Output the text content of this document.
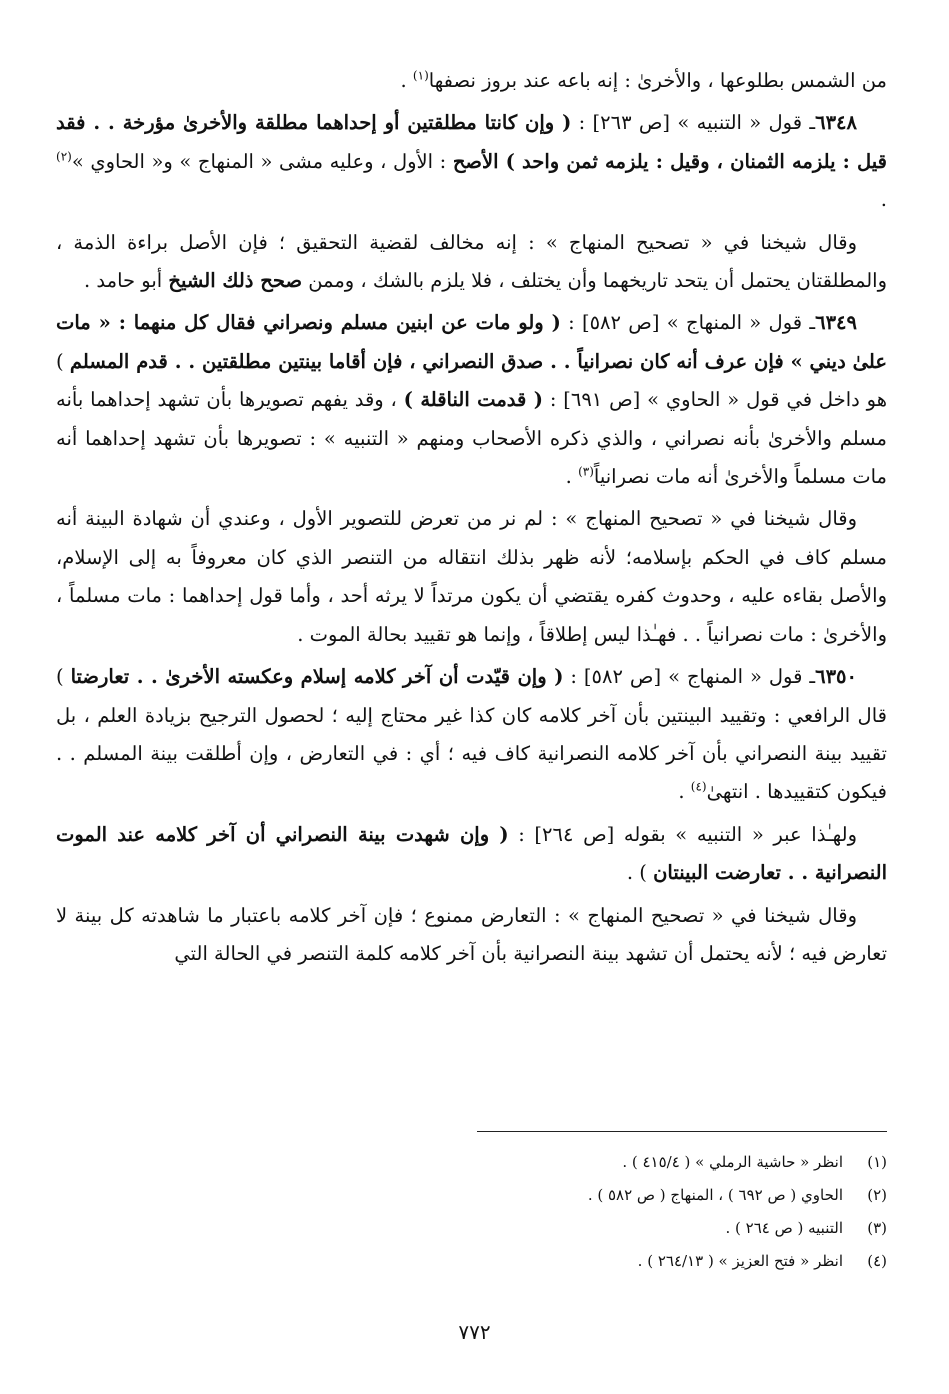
من الشمس بطلوعها ، والأخرىٰ : إنه باعه عند بروز نصفها$^{(١)}$ .

٦٣٤٨ـ قول « التنبيه » [ص ٢٦٣] : ( وإن كانتا مطلقتين أو إحداهما مطلقة والأخرىٰ مؤرخة . . فقد قيل : يلزمه الثمنان ، وقيل : يلزمه ثمن واحد ) الأصح : الأول ، وعليه مشى « المنهاج » و« الحاوي »$^{(٢)}$ .

وقال شيخنا في « تصحيح المنهاج » : إنه مخالف لقضية التحقيق ؛ فإن الأصل براءة الذمة ، والمطلقتان يحتمل أن يتحد تاريخهما وأن يختلف ، فلا يلزم بالشك ، وممن صحح ذلك الشيخ أبو حامد .

٦٣٤٩ـ قول « المنهاج » [ص ٥٨٢] : ( ولو مات عن ابنين مسلم ونصراني فقال كل منهما : « مات علىٰ ديني » فإن عرف أنه كان نصرانياً . . صدق النصراني ، فإن أقاما بينتين مطلقتين . . قدم المسلم ) هو داخل في قول « الحاوي » [ص ٦٩١] : ( قدمت الناقلة ) ، وقد يفهم تصويرها بأن تشهد إحداهما بأنه مسلم والأخرىٰ بأنه نصراني ، والذي ذكره الأصحاب ومنهم « التنبيه » : تصويرها بأن تشهد إحداهما أنه مات مسلماً والأخرىٰ أنه مات نصرانياً$^{(٣)}$ .

وقال شيخنا في « تصحيح المنهاج » : لم نر من تعرض للتصوير الأول ، وعندي أن شهادة البينة أنه مسلم كاف في الحكم بإسلامه؛ لأنه ظهر بذلك انتقاله من التنصر الذي كان معروفاً به إلى الإسلام، والأصل بقاءه عليه ، وحدوث كفره يقتضي أن يكون مرتداً لا يرثه أحد ، وأما قول إحداهما : مات مسلماً ، والأخرىٰ : مات نصرانياً . . فهـٰذا ليس إطلاقاً ، وإنما هو تقييد بحالة الموت .

٦٣٥٠ـ قول « المنهاج » [ص ٥٨٢] : ( وإن قيّدت أن آخر كلامه إسلام وعكسته الأخرىٰ . . تعارضتا ) قال الرافعي : وتقييد البينتين بأن آخر كلامه كان كذا غير محتاج إليه ؛ لحصول الترجيح بزيادة العلم ، بل تقييد بينة النصراني بأن آخر كلامه النصرانية كاف فيه ؛ أي : في التعارض ، وإن أطلقت بينة المسلم . . فيكون كتقييدها . انتهىٰ$^{(٤)}$ .

ولهـٰذا عبر « التنبيه » بقوله [ص ٢٦٤] : ( وإن شهدت بينة النصراني أن آخر كلامه عند الموت النصرانية . . تعارضت البينتان ) .

وقال شيخنا في « تصحيح المنهاج » : التعارض ممنوع ؛ فإن آخر كلامه باعتبار ما شاهدته كل بينة لا تعارض فيه ؛ لأنه يحتمل أن تشهد بينة النصرانية بأن آخر كلامه كلمة التنصر في الحالة التي

(١)انظر « حاشية الرملي » ( ٤١٥/٤ ) .
(٢)الحاوي ( ص ٦٩٢ ) ، المنهاج ( ص ٥٨٢ ) .
(٣)التنبيه ( ص ٢٦٤ ) .
(٤)انظر « فتح العزيز » ( ٢٦٤/١٣ ) .
٧٧٢
